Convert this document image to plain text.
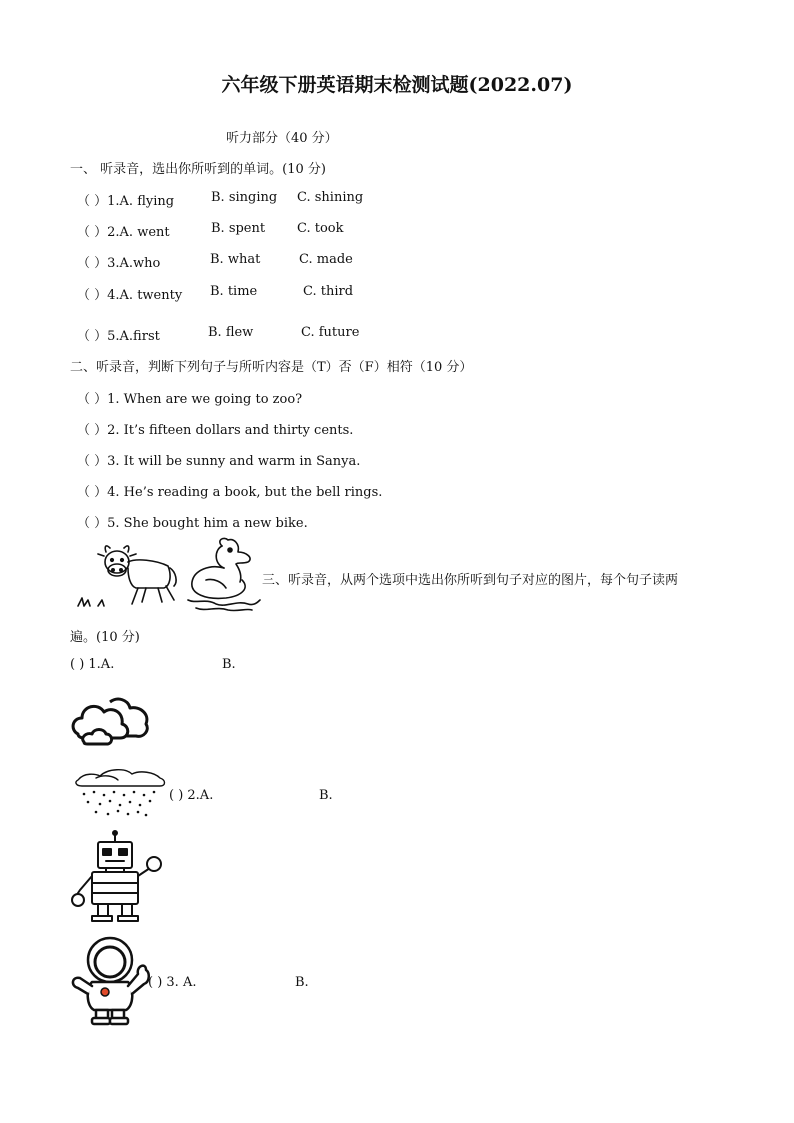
六年级下册英语期末检测试题(2022.07)
听力部分（40 分）
一、 听录音，选出你所听到的单词。(10 分)
（ ）1.A. flying	B. singing C. shining
（ ）2.A. went	B. spent C. took
（ ）3.A.who	B. what	C. made
（ ）4.A. twenty B. time	C. third
（ ）5.A.first	B. flew	C. future
二、听录音，判断下列句子与所听内容是（T）否（F）相符（10 分）
（ ）1. When are we going to zoo?
（ ）2. It’s fifteen dollars and thirty cents.
（ ）3. It will be sunny and warm in Sanya.
（ ）4. He’s reading a book, but the bell rings.
（ ）5. She bought him a new bike.
三、听录音，从两个选项中选出你所听到句子对应的图片，每个句子读两
遍。(10 分)
( ) 1.A.	B.
( ) 2.A.	B.
( ) 3. A.	B.
